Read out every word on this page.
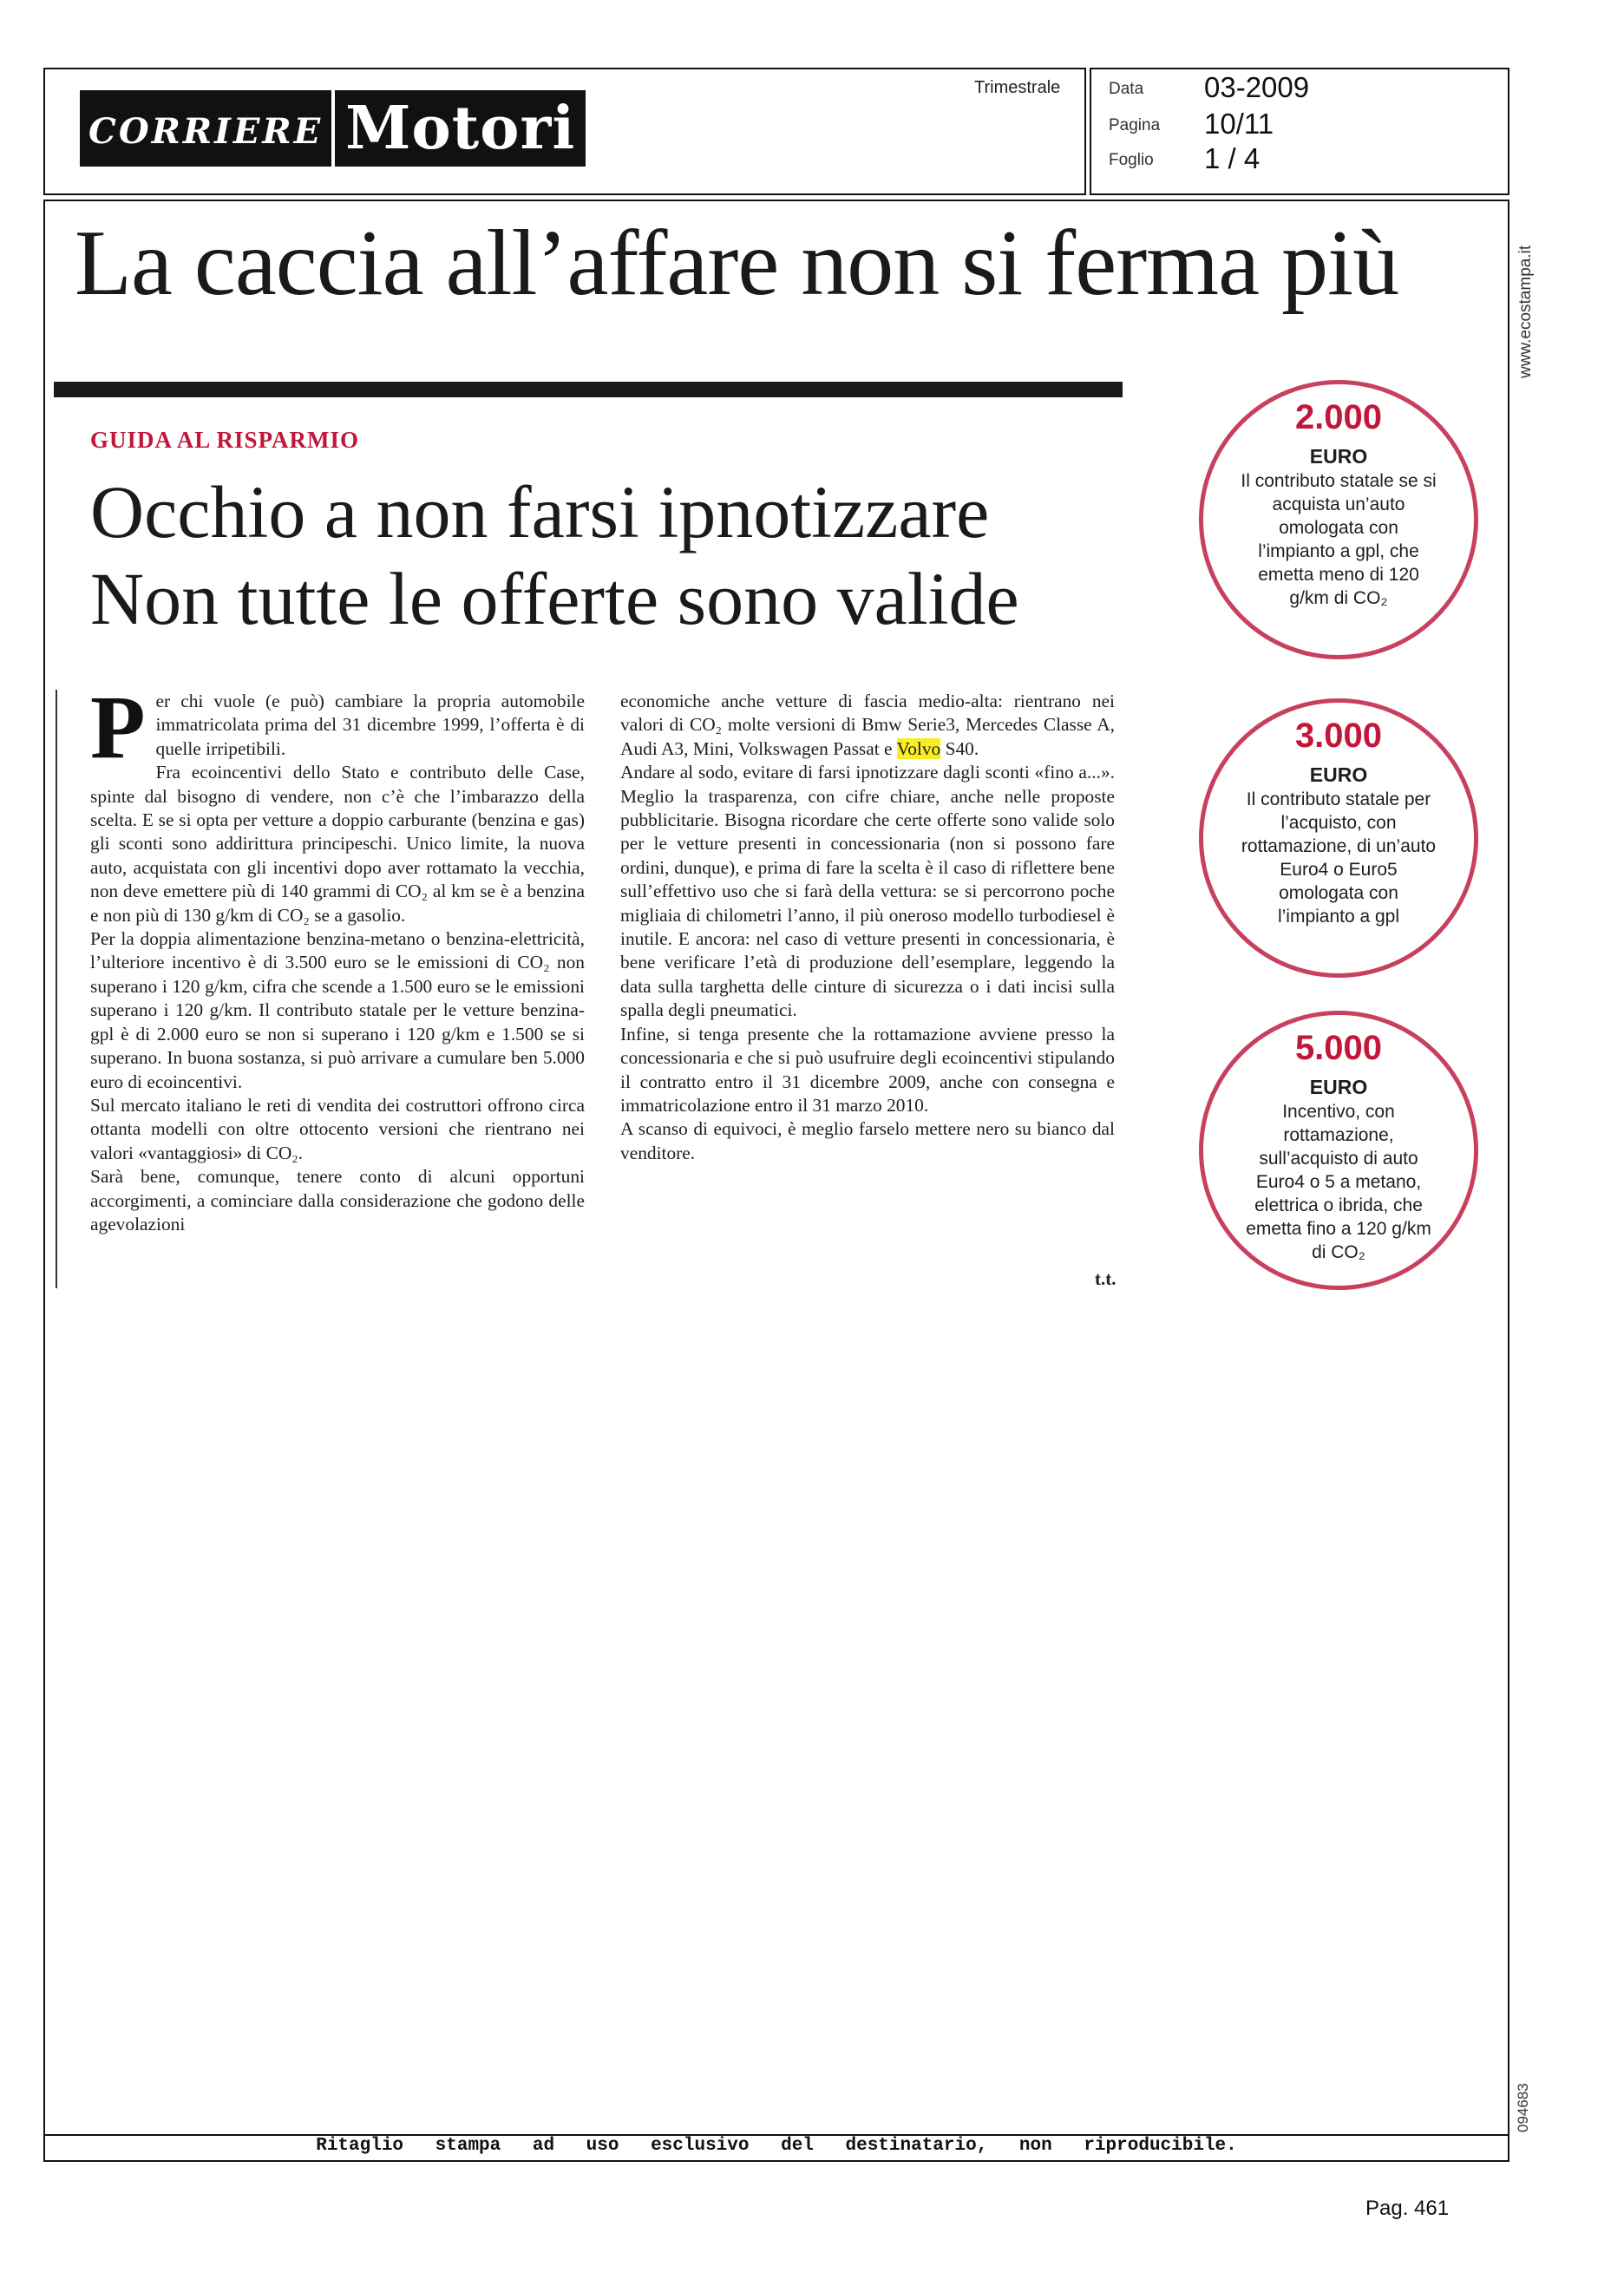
CORRIERE Motori
Trimestrale	Data 03-2009
Pagina 10/11
Foglio 1 / 4
La caccia all’affare non si ferma più	www.ecostampa.it
GUIDA AL RISPARMIO
Occhio a non farsi ipnotizzare
Non tutte le offerte sono valide

Per chi vuole (e può) cambiare la propria automobile immatricolata prima del 31 dicembre 1999, l’offerta è di quelle irripetibili.

Fra ecoincentivi dello Stato e contributo delle Case, spinte dal bisogno di vendere, non c’è che l’imbarazzo della scelta. E se si opta per vetture a doppio carburante (benzina e gas) gli sconti sono addirittura principeschi. Unico limite, la nuova auto, acquistata con gli incentivi dopo aver rottamato la vecchia, non deve emettere più di 140 grammi di CO₂ al km se è a benzina e non più di 130 g/km di CO₂ se a gasolio.

Per la doppia alimentazione benzina-metano o benzina-elettricità, l’ulteriore incentivo è di 3.500 euro se le emissioni di CO₂ non superano i 120 g/km, cifra che scende a 1.500 euro se le emissioni superano i 120 g/km. Il contributo statale per le vetture benzina-gpl è di 2.000 euro se non si superano i 120 g/km e 1.500 se si superano. In buona sostanza, si può arrivare a cumulare ben 5.000 euro di ecoincentivi.

Sul mercato italiano le reti di vendita dei costruttori offrono circa ottanta modelli con oltre ottocento versioni che rientrano nei valori «vantaggiosi» di CO₂.

Sarà bene, comunque, tenere conto di alcuni opportuni accorgimenti, a cominciare dalla considerazione che godono delle agevolazioni

economiche anche vetture di fascia medio-alta: rientrano nei valori di CO₂ molte versioni di Bmw Serie3, Mercedes Classe A, Audi A3, Mini, Volkswagen Passat e Volvo S40.

Andare al sodo, evitare di farsi ipnotizzare dagli sconti «fino a...». Meglio la trasparenza, con cifre chiare, anche nelle proposte pubblicitarie. Bisogna ricordare che certe offerte sono valide solo per le vetture presenti in concessionaria (non si possono fare ordini, dunque), e prima di fare la scelta è il caso di riflettere bene sull’effettivo uso che si farà della vettura: se si percorrono poche migliaia di chilometri l’anno, il più oneroso modello turbodiesel è inutile. E ancora: nel caso di vetture presenti in concessionaria, è bene verificare l’età di produzione dell’esemplare, leggendo la data sulla targhetta delle cinture di sicurezza o i dati incisi sulla spalla degli pneumatici.

Infine, si tenga presente che la rottamazione avviene presso la concessionaria e che si può usufruire degli ecoincentivi stipulando il contratto entro il 31 dicembre 2009, anche con consegna e immatricolazione entro il 31 marzo 2010.

A scanso di equivoci, è meglio farselo mettere nero su bianco dal venditore.

t.t.
2.000
EURO
Il contributo statale se si acquista un’auto omologata con l’impianto a gpl, che emetta meno di 120 g/km di CO₂
3.000
EURO
Il contributo statale per l’acquisto, con rottamazione, di un’auto Euro4 o Euro5 omologata con l’impianto a gpl
5.000
EURO
Incentivo, con rottamazione, sull’acquisto di auto Euro4 o 5 a metano, elettrica o ibrida, che emetta fino a 120 g/km di CO₂
094683
Ritaglio stampa ad uso esclusivo del destinatario, non riproducibile.
Pag. 461
